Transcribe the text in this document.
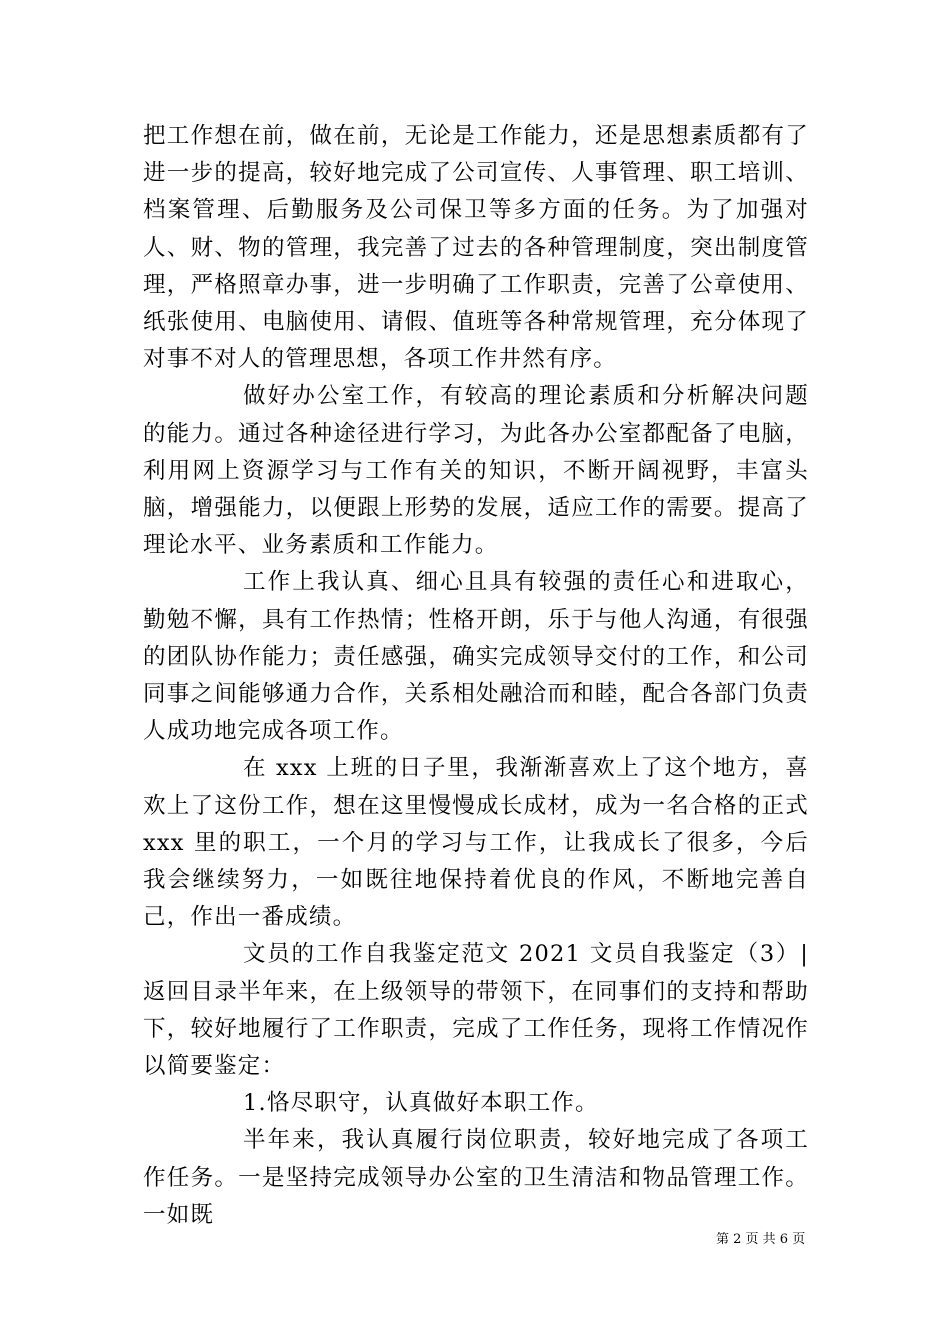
把工作想在前，做在前，无论是工作能力，还是思想素质都有了进一步的提高，较好地完成了公司宣传、人事管理、职工培训、档案管理、后勤服务及公司保卫等多方面的任务。为了加强对人、财、物的管理，我完善了过去的各种管理制度，突出制度管理，严格照章办事，进一步明确了工作职责，完善了公章使用、纸张使用、电脑使用、请假、值班等各种常规管理，充分体现了对事不对人的管理思想，各项工作井然有序。

做好办公室工作，有较高的理论素质和分析解决问题的能力。通过各种途径进行学习，为此各办公室都配备了电脑，利用网上资源学习与工作有关的知识，不断开阔视野，丰富头脑，增强能力，以便跟上形势的发展，适应工作的需要。提高了理论水平、业务素质和工作能力。

工作上我认真、细心且具有较强的责任心和进取心，勤勉不懈，具有工作热情；性格开朗，乐于与他人沟通，有很强的团队协作能力；责任感强，确实完成领导交付的工作，和公司同事之间能够通力合作，关系相处融洽而和睦，配合各部门负责人成功地完成各项工作。

在 xxx 上班的日子里，我渐渐喜欢上了这个地方，喜欢上了这份工作，想在这里慢慢成长成材，成为一名合格的正式 xxx 里的职工，一个月的学习与工作，让我成长了很多，今后我会继续努力，一如既往地保持着优良的作风，不断地完善自己，作出一番成绩。

文员的工作自我鉴定范文 2021 文员自我鉴定（3）|返回目录半年来，在上级领导的带领下，在同事们的支持和帮助下，较好地履行了工作职责，完成了工作任务，现将工作情况作以简要鉴定：

1.恪尽职守，认真做好本职工作。

半年来，我认真履行岗位职责，较好地完成了各项工作任务。一是坚持完成领导办公室的卫生清洁和物品管理工作。一如既

第 2 页 共 6 页
